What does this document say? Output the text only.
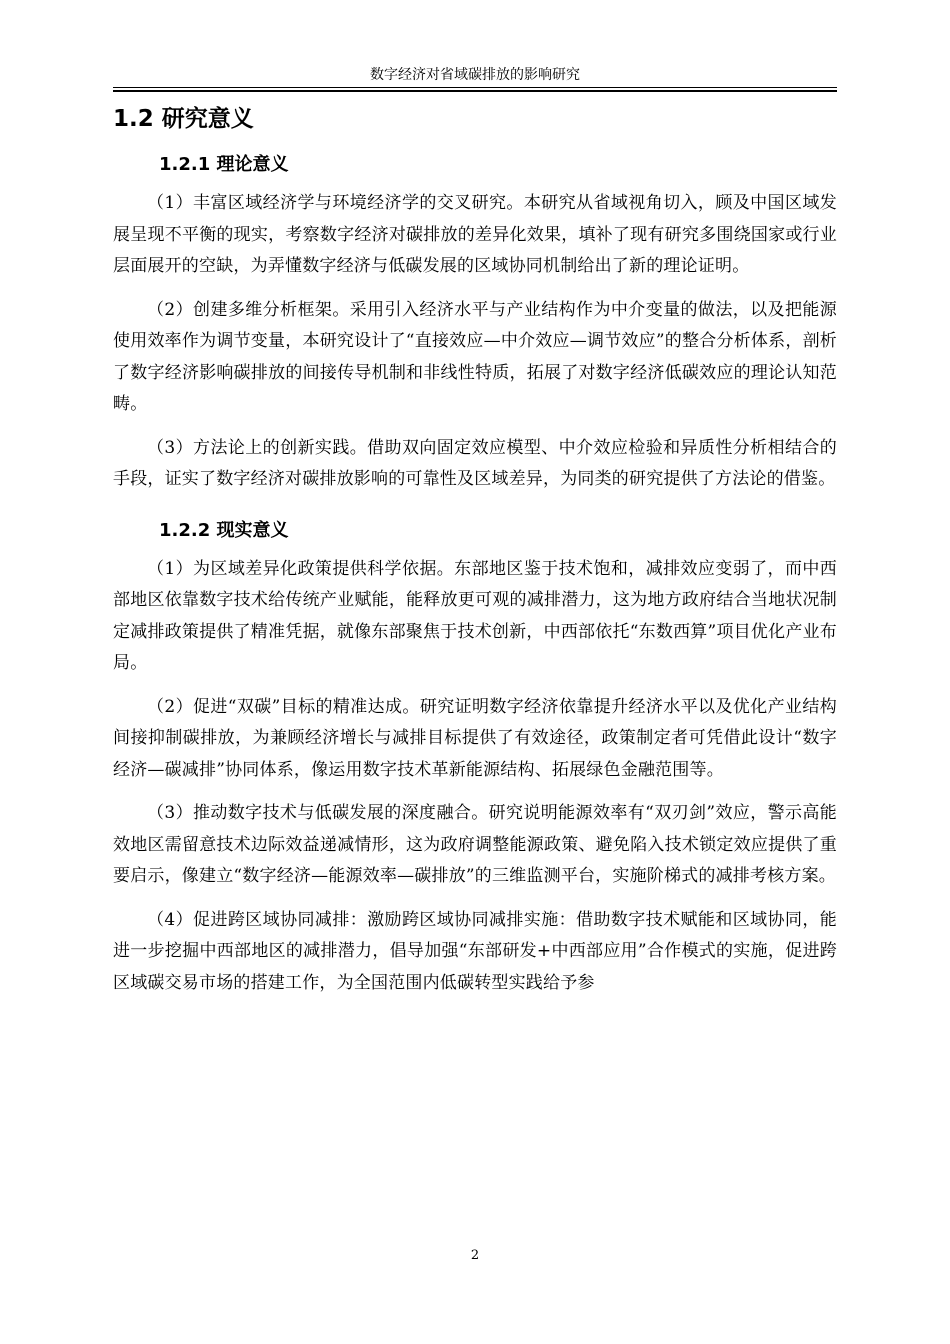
数字经济对省域碳排放的影响研究
1.2 研究意义
1.2.1 理论意义

（1）丰富区域经济学与环境经济学的交叉研究。本研究从省域视角切入，顾及中国区域发展呈现不平衡的现实，考察数字经济对碳排放的差异化效果，填补了现有研究多围绕国家或行业层面展开的空缺，为弄懂数字经济与低碳发展的区域协同机制给出了新的理论证明。

（2）创建多维分析框架。采用引入经济水平与产业结构作为中介变量的做法，以及把能源使用效率作为调节变量，本研究设计了“直接效应—中介效应—调节效应”的整合分析体系，剖析了数字经济影响碳排放的间接传导机制和非线性特质，拓展了对数字经济低碳效应的理论认知范畴。

（3）方法论上的创新实践。借助双向固定效应模型、中介效应检验和异质性分析相结合的手段，证实了数字经济对碳排放影响的可靠性及区域差异，为同类的研究提供了方法论的借鉴。

1.2.2 现实意义

（1）为区域差异化政策提供科学依据。东部地区鉴于技术饱和，减排效应变弱了，而中西部地区依靠数字技术给传统产业赋能，能释放更可观的减排潜力，这为地方政府结合当地状况制定减排政策提供了精准凭据，就像东部聚焦于技术创新，中西部依托“东数西算”项目优化产业布局。

（2）促进“双碳”目标的精准达成。研究证明数字经济依靠提升经济水平以及优化产业结构间接抑制碳排放，为兼顾经济增长与减排目标提供了有效途径，政策制定者可凭借此设计“数字经济—碳减排”协同体系，像运用数字技术革新能源结构、拓展绿色金融范围等。

（3）推动数字技术与低碳发展的深度融合。研究说明能源效率有“双刃剑”效应，警示高能效地区需留意技术边际效益递减情形，这为政府调整能源政策、避免陷入技术锁定效应提供了重要启示，像建立“数字经济—能源效率—碳排放”的三维监测平台，实施阶梯式的减排考核方案。

（4）促进跨区域协同减排：激励跨区域协同减排实施：借助数字技术赋能和区域协同，能进一步挖掘中西部地区的减排潜力，倡导加强“东部研发+中西部应用”合作模式的实施，促进跨区域碳交易市场的搭建工作，为全国范围内低碳转型实践给予参

2
